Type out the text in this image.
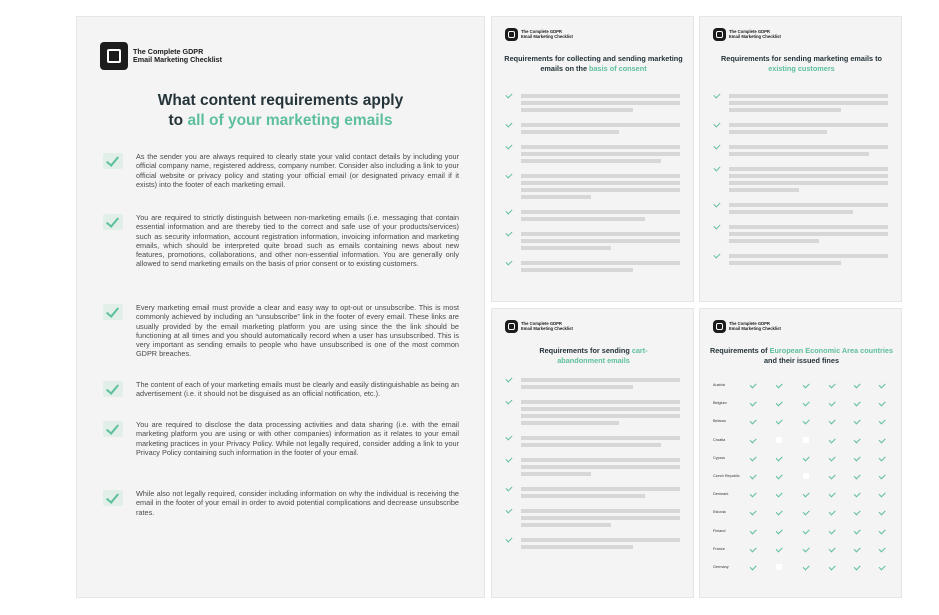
The Complete GDPR
Email Marketing Checklist
What content requirements apply
to all of your marketing emails
As the sender you are always required to clearly state your valid contact details by including your official company name, registered address, company number. Consider also including a link to your official website or privacy policy and stating your official email (or designated privacy email if it exists) into the footer of each marketing email.
You are required to strictly distinguish between non-marketing emails (i.e. messaging that contain essential information and are thereby tied to the correct and safe use of your products/services) such as security information, account registration information, invoicing information and marketing emails, which should be interpreted quite broad such as emails containing news about new features, promotions, collaborations, and other non-essential information. You are generally only allowed to send marketing emails on the basis of prior consent or to existing customers.
Every marketing email must provide a clear and easy way to opt-out or unsubscribe. This is most commonly achieved by including an “unsubscribe” link in the footer of every email. These links are usually provided by the email marketing platform you are using since the the link should be functioning at all times and you should automatically record when a user has unsubscribed. This is very important as sending emails to people who have unsubscribed is one of the most common GDPR breaches.
The content of each of your marketing emails must be clearly and easily distinguishable as being an advertisement (i.e. it should not be disguised as an official notification, etc.).
You are required to disclose the data processing activities and data sharing (i.e. with the email marketing platform you are using or with other companies) information as it relates to your email marketing practices in your Privacy Policy. While not legally required, consider adding a link to your Privacy Policy containing such information in the footer of your email.
While also not legally required, consider including information on why the individual is receiving the email in the footer of your email in order to avoid potential complications and decrease unsubscribe rates.
The Complete GDPR
Email Marketing Checklist
Requirements for collecting and sending marketing emails on the basis of consent
The Complete GDPR
Email Marketing Checklist
Requirements for sending marketing emails to existing customers
The Complete GDPR
Email Marketing Checklist
Requirements for sending cart-abandonment emails
The Complete GDPR
Email Marketing Checklist
Requirements of European Economic Area countries and their issued fines
Austria
Belgium
Belarus
Croatia
Cyprus
Czech Republic
Denmark
Estonia
Finland
France
Germany
